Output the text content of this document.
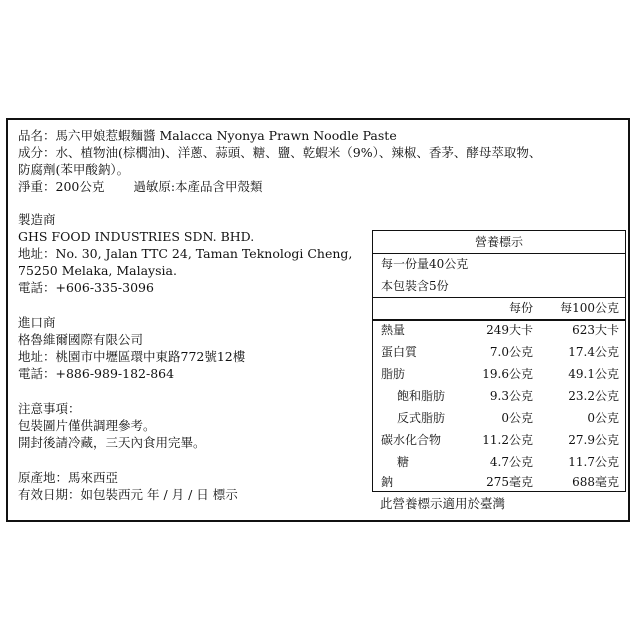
品名：馬六甲娘惹蝦麵醬 Malacca Nyonya Prawn Noodle Paste
成分：水、植物油(棕櫚油)、洋蔥、蒜頭、糖、鹽、乾蝦米（9%）、辣椒、香茅、酵母萃取物、
防腐劑(苯甲酸鈉）。
淨重：200公克　　 過敏原:本產品含甲殼類
製造商
GHS FOOD INDUSTRIES SDN. BHD.
地址：No. 30, Jalan TTC 24, Taman Teknologi Cheng,
75250 Melaka, Malaysia.
電話：+606-335-3096
進口商
格魯維爾國際有限公司
地址：桃園市中壢區環中東路772號12樓
電話：+886-989-182-864
注意事項：
包裝圖片僅供調理參考。
開封後請冷藏，三天內食用完畢。
原產地：馬來西亞
有效日期：如包裝西元 年 / 月 / 日 標示
營養標示
每一份量40公克
本包裝含5份
每份 每100公克
熱量	249大卡	623大卡
蛋白質	7.0公克	17.4公克
脂肪	19.6公克	49.1公克
飽和脂肪	9.3公克	23.2公克
反式脂肪	0公克	0公克
碳水化合物	11.2公克	27.9公克
糖	4.7公克	11.7公克
鈉	275毫克	688毫克
此營養標示適用於臺灣
